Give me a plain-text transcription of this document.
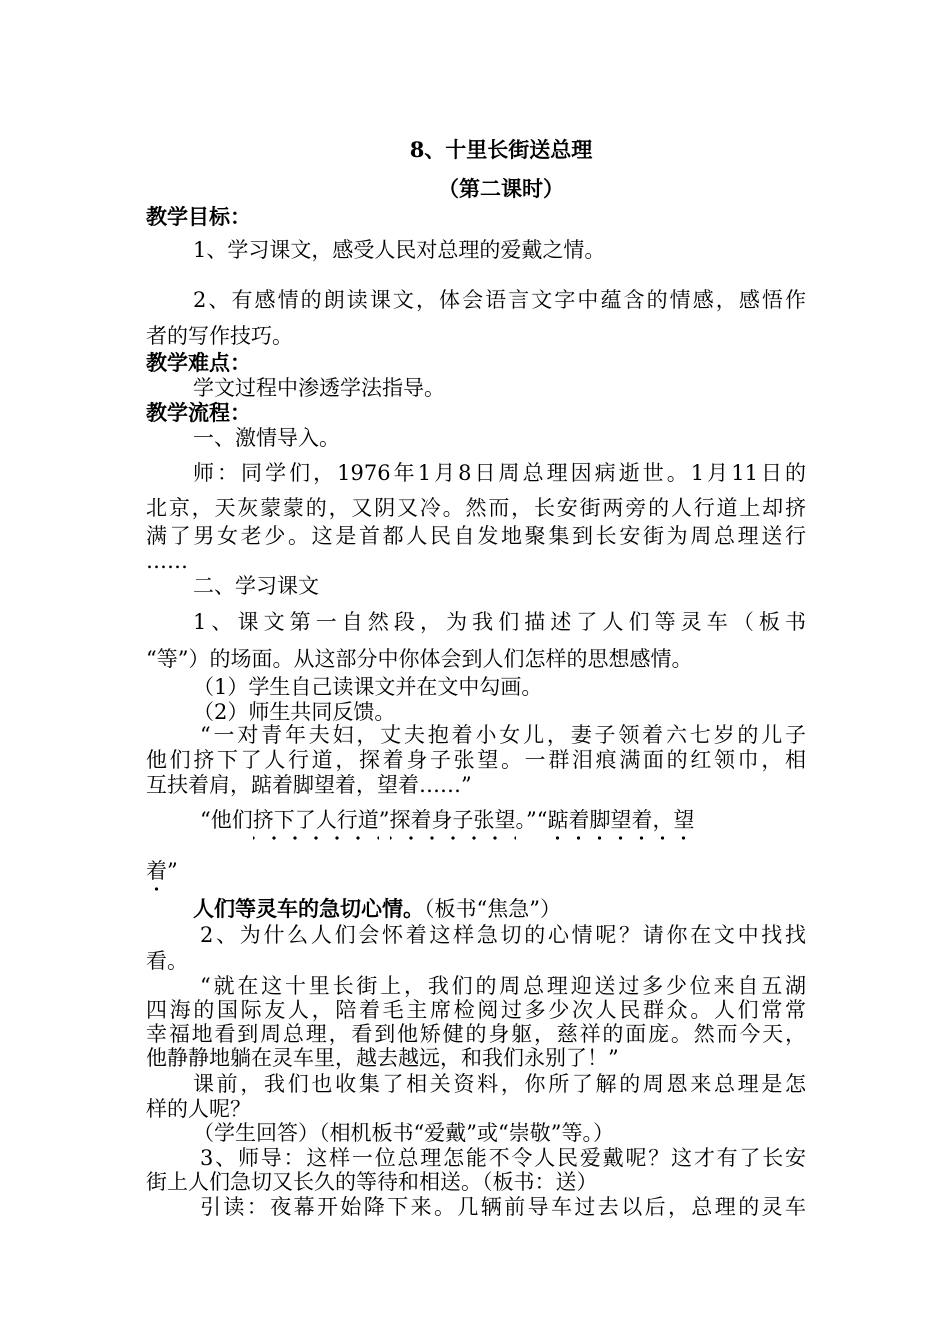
8、十里长街送总理
（第二课时）
教学目标：
1、学习课文，感受人民对总理的爱戴之情。
2、有感情的朗读课文，体会语言文字中蕴含的情感，感悟作
者的写作技巧。
教学难点：
学文过程中渗透学法指导。
教学流程：
一、激情导入。
师：同学们，1976年1月8日周总理因病逝世。1月11日的
北京，天灰蒙蒙的，又阴又冷。然而，长安街两旁的人行道上却挤
满了男女老少。这是首都人民自发地聚集到长安街为周总理送行
……
二、学习课文
1、课文第一自然段，为我们描述了人们等灵车（板书
“等”）的场面。从这部分中你体会到人们怎样的思想感情。
（1）学生自己读课文并在文中勾画。
（2）师生共同反馈。
“一对青年夫妇，丈夫抱着小女儿，妻子领着六七岁的儿子
他们挤下了人行道，探着身子张望。一群泪痕满面的红领巾，相
互扶着肩，踮着脚望着，望着……”
“他们挤下了人行道”探着身子张望。”“踮着脚望着，望
着”
人们等灵车的急切心情。（板书“焦急”）
2、为什么人们会怀着这样急切的心情呢？请你在文中找找
看。
“就在这十里长街上，我们的周总理迎送过多少位来自五湖
四海的国际友人，陪着毛主席检阅过多少次人民群众。人们常常
幸福地看到周总理，看到他矫健的身躯，慈祥的面庞。然而今天，
他静静地躺在灵车里，越去越远，和我们永别了！”
课前，我们也收集了相关资料，你所了解的周恩来总理是怎
样的人呢？
（学生回答）（相机板书“爱戴”或“崇敬”等。）
3、师导：这样一位总理怎能不令人民爱戴呢？这才有了长安
街上人们急切又长久的等待和相送。（板书：送）
引读：夜幕开始降下来。几辆前导车过去以后，总理的灵车
